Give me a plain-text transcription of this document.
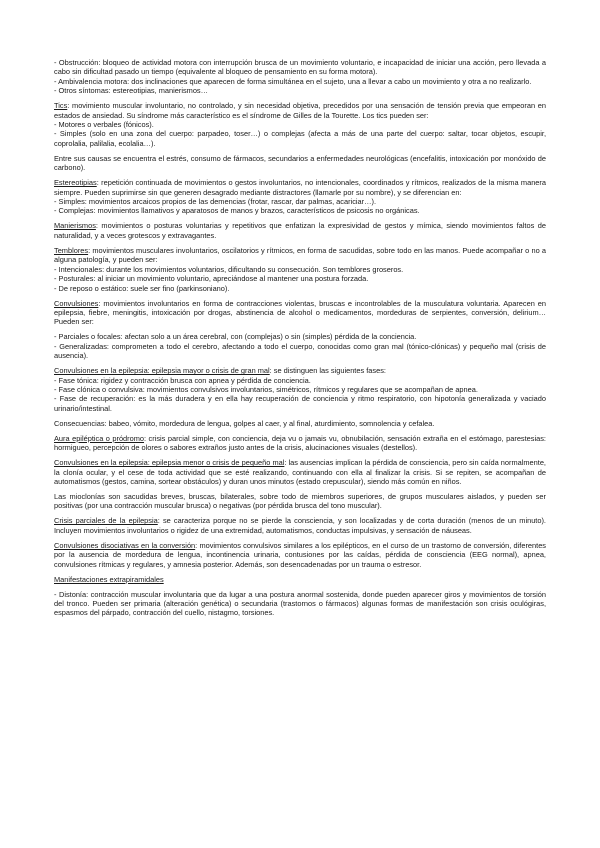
- Obstrucción: bloqueo de actividad motora con interrupción brusca de un movimiento voluntario, e incapacidad de iniciar una acción, pero llevada a cabo sin dificultad pasado un tiempo (equivalente al bloqueo de pensamiento en su forma motora).

- Ambivalencia motora: dos inclinaciones que aparecen de forma simultánea en el sujeto, una a llevar a cabo un movimiento y otra a no realizarlo.

- Otros síntomas: estereotipias, manierismos…

Tics: movimiento muscular involuntario, no controlado, y sin necesidad objetiva, precedidos por una sensación de tensión previa que empeoran en estados de ansiedad. Su síndrome más característico es el síndrome de Gilles de la Tourette. Los tics pueden ser:

- Motores o verbales (fónicos).

- Simples (solo en una zona del cuerpo: parpadeo, toser…) o complejas (afecta a más de una parte del cuerpo: saltar, tocar objetos, escupir, coprolalia, palilalia, ecolalia…).

Entre sus causas se encuentra el estrés, consumo de fármacos, secundarios a enfermedades neurológicas (encefalitis, intoxicación por monóxido de carbono).

Estereotipias: repetición continuada de movimientos o gestos involuntarios, no intencionales, coordinados y rítmicos, realizados de la misma manera siempre. Pueden suprimirse sin que generen desagrado mediante distractores (llamarle por su nombre), y se diferencian en:

- Simples: movimientos arcaicos propios de las demencias (frotar, rascar, dar palmas, acariciar…).

- Complejas: movimientos llamativos y aparatosos de manos y brazos, característicos de psicosis no orgánicas.

Manierismos: movimientos o posturas voluntarias y repetitivos que enfatizan la expresividad de gestos y mímica, siendo movimientos faltos de naturalidad, y a veces grotescos y extravagantes.

Temblores: movimientos musculares involuntarios, oscilatorios y rítmicos, en forma de sacudidas, sobre todo en las manos. Puede acompañar o no a alguna patología, y pueden ser:

- Intencionales: durante los movimientos voluntarios, dificultando su consecución. Son temblores groseros.

- Posturales: al iniciar un movimiento voluntario, apreciándose al mantener una postura forzada.

- De reposo o estático: suele ser fino (parkinsoniano).

Convulsiones: movimientos involuntarios en forma de contracciones violentas, bruscas e incontrolables de la musculatura voluntaria. Aparecen en epilepsia, fiebre, meningitis, intoxicación por drogas, abstinencia de alcohol o medicamentos, mordeduras de serpientes, conversión, delirium… Pueden ser:

- Parciales o focales: afectan solo a un área cerebral, con (complejas) o sin (simples) pérdida de la conciencia.

- Generalizadas: comprometen a todo el cerebro, afectando a todo el cuerpo, conocidas como gran mal (tónico-clónicas) y pequeño mal (crisis de ausencia).

Convulsiones en la epilepsia: epilepsia mayor o crisis de gran mal: se distinguen las siguientes fases:

- Fase tónica: rigidez y contracción brusca con apnea y pérdida de conciencia.

- Fase clónica o convulsiva: movimientos convulsivos involuntarios, simétricos, rítmicos y regulares que se acompañan de apnea.

- Fase de recuperación: es la más duradera y en ella hay recuperación de conciencia y ritmo respiratorio, con hipotonía generalizada y vaciado urinario/intestinal.

Consecuencias: babeo, vómito, mordedura de lengua, golpes al caer, y al final, aturdimiento, somnolencia y cefalea.

Aura epiléptica o pródromo: crisis parcial simple, con conciencia, deja vu o jamais vu, obnubilación, sensación extraña en el estómago, parestesias: hormigueo, percepción de olores o sabores extraños justo antes de la crisis, alucinaciones visuales (destellos).

Convulsiones en la epilepsia: epilepsia menor o crisis de pequeño mal: las ausencias implican la pérdida de consciencia, pero sin caída normalmente, la clonía ocular, y el cese de toda actividad que se esté realizando, continuando con ella al finalizar la crisis. Si se repiten, se acompañan de automatismos (gestos, camina, sortear obstáculos) y duran unos minutos (estado crepuscular), siendo más común en niños.

Las mioclonías son sacudidas breves, bruscas, bilaterales, sobre todo de miembros superiores, de grupos musculares aislados, y pueden ser positivas (por una contracción muscular brusca) o negativas (por pérdida brusca del tono muscular).

Crisis parciales de la epilepsia: se caracteriza porque no se pierde la consciencia, y son localizadas y de corta duración (menos de un minuto). Incluyen movimientos involuntarios o rigidez de una extremidad, automatismos, conductas impulsivas, y sensación de náuseas.

Convulsiones disociativas en la conversión: movimientos convulsivos similares a los epilépticos, en el curso de un trastorno de conversión, diferentes por la ausencia de mordedura de lengua, incontinencia urinaria, contusiones por las caídas, pérdida de consciencia (EEG normal), apnea, convulsiones rítmicas y regulares, y amnesia posterior. Además, son desencadenadas por un trauma o estresor.

Manifestaciones extrapiramidales

- Distonía: contracción muscular involuntaria que da lugar a una postura anormal sostenida, donde pueden aparecer giros y movimientos de torsión del tronco. Pueden ser primaria (alteración genética) o secundaria (trastornos o fármacos) algunas formas de manifestación son crisis oculógiras, espasmos del párpado, contracción del cuello, nistagmo, torsiones.
